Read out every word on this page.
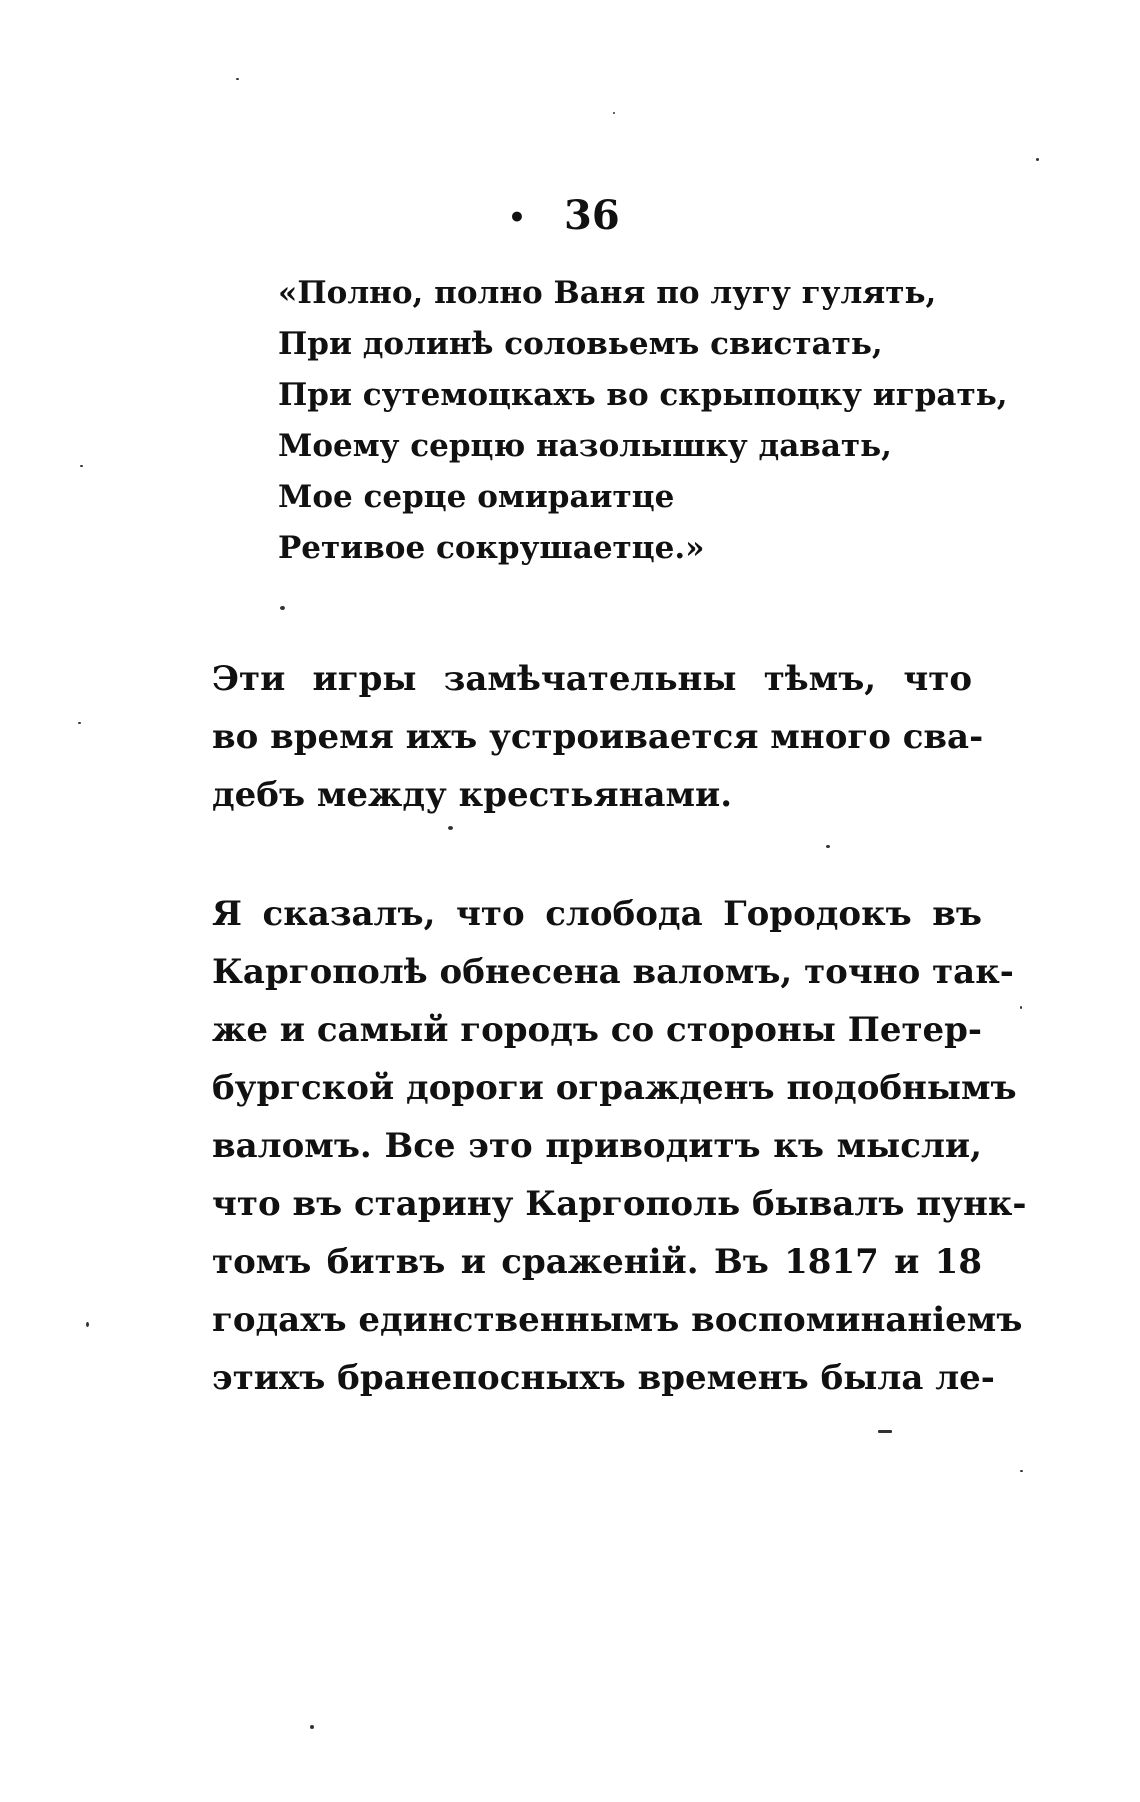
• 36
«Полно, полно Ваня по лугу гулять,
При долинѣ соловьемъ свистать,
При сутемоцкахъ во скрыпоцку играть,
Моему серцю назолышку давать,
Мое серце омираитце
Ретивое сокрушаетце.»
Эти игры замѣчательны тѣмъ, что
во время ихъ устроивается много сва-
дебъ между крестьянами.
Я сказалъ, что слобода Городокъ въ
Каргополѣ обнесена валомъ, точно так-
же и самый городъ со стороны Петер-
бургской дороги огражденъ подобнымъ
валомъ. Все это приводитъ къ мысли,
что въ старину Каргополь бывалъ пунк-
томъ битвъ и сраженій. Въ 1817 и 18
годахъ единственнымъ воспоминаніемъ
этихъ бранепосныхъ временъ была ле-
